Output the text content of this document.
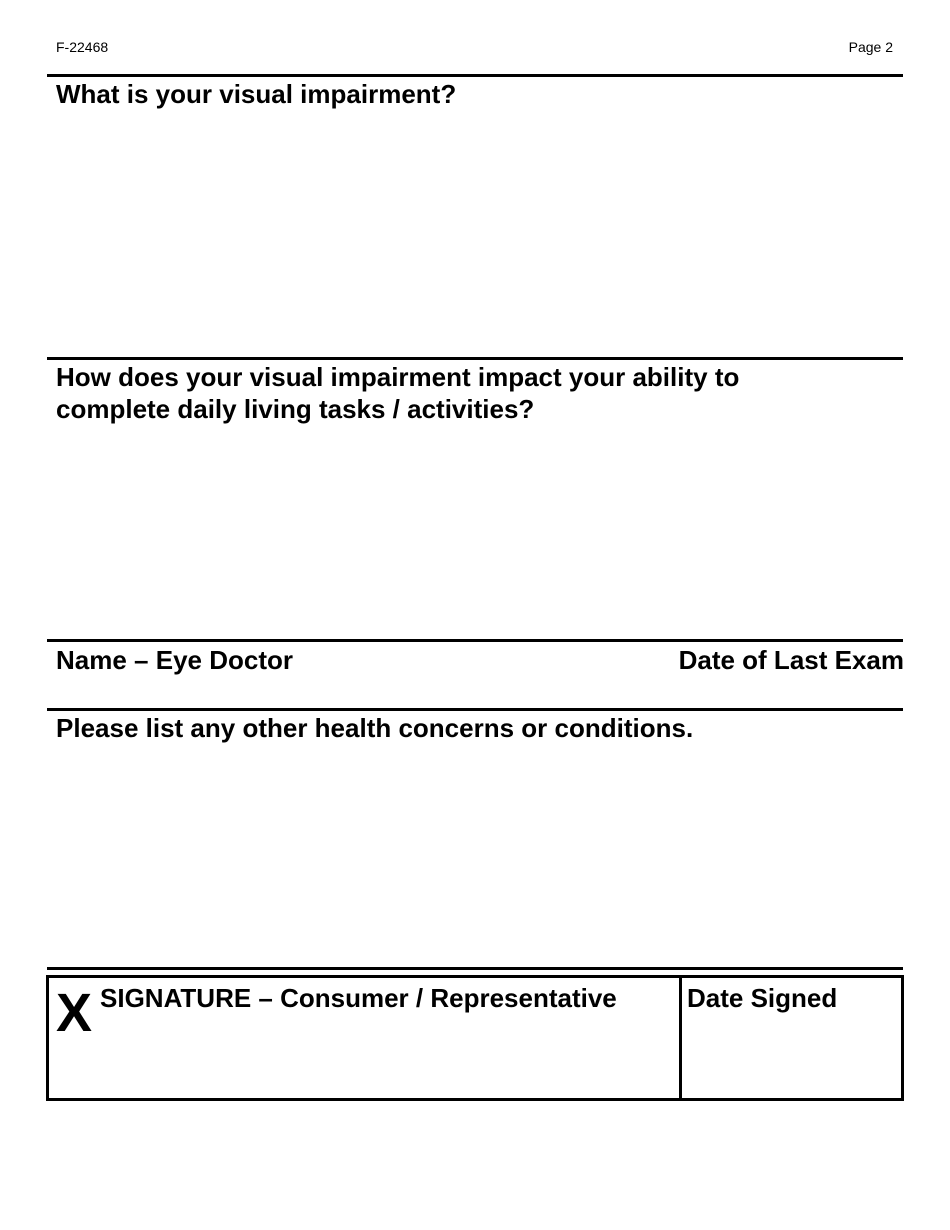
F-22468	Page 2
What is your visual impairment?
How does your visual impairment impact your ability to
complete daily living tasks / activities?
Name – Eye Doctor	Date of Last Exam
Please list any other health concerns or conditions.
X SIGNATURE – Consumer / Representative	Date Signed
